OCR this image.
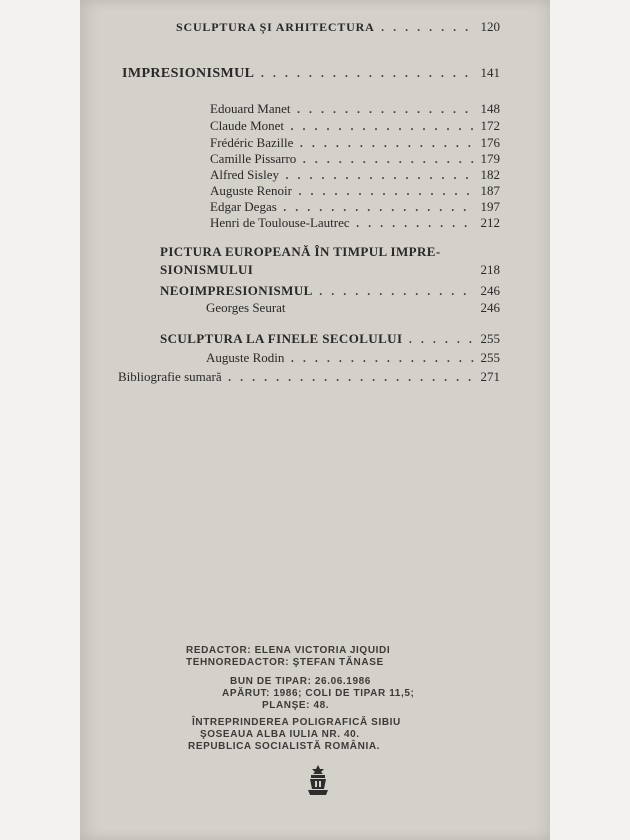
SCULPTURA ŞI ARHITECTURA . . .	120
IMPRESIONISMUL . . .	141
Edouard Manet . . .	148
Claude Monet . . .	172
Frédéric Bazille . . .	176
Camille Pissarro . . .	179
Alfred Sisley . . .	182
Auguste Renoir . . .	187
Edgar Degas . . .	197
Henri de Toulouse-Lautrec . . .	212
PICTURA EUROPEANĂ ÎN TIMPUL IMPRE-
SIONISMULUI	218
NEOIMPRESIONISMUL . . .	246
Georges Seurat	246
SCULPTURA LA FINELE SECOLULUI . . .	255
Auguste Rodin . . .	255
Bibliografie sumară . . .	271
REDACTOR: ELENA VICTORIA JIQUIDI
TEHNOREDACTOR: ŞTEFAN TĂNASE
BUN DE TIPAR: 26.06.1986
APĂRUT: 1986; COLI DE TIPAR 11,5;
PLANŞE: 48.
ÎNTREPRINDEREA POLIGRAFICĂ SIBIU
ŞOSEAUA ALBA IULIA NR. 40.
REPUBLICA SOCIALISTĂ ROMÂNIA.
